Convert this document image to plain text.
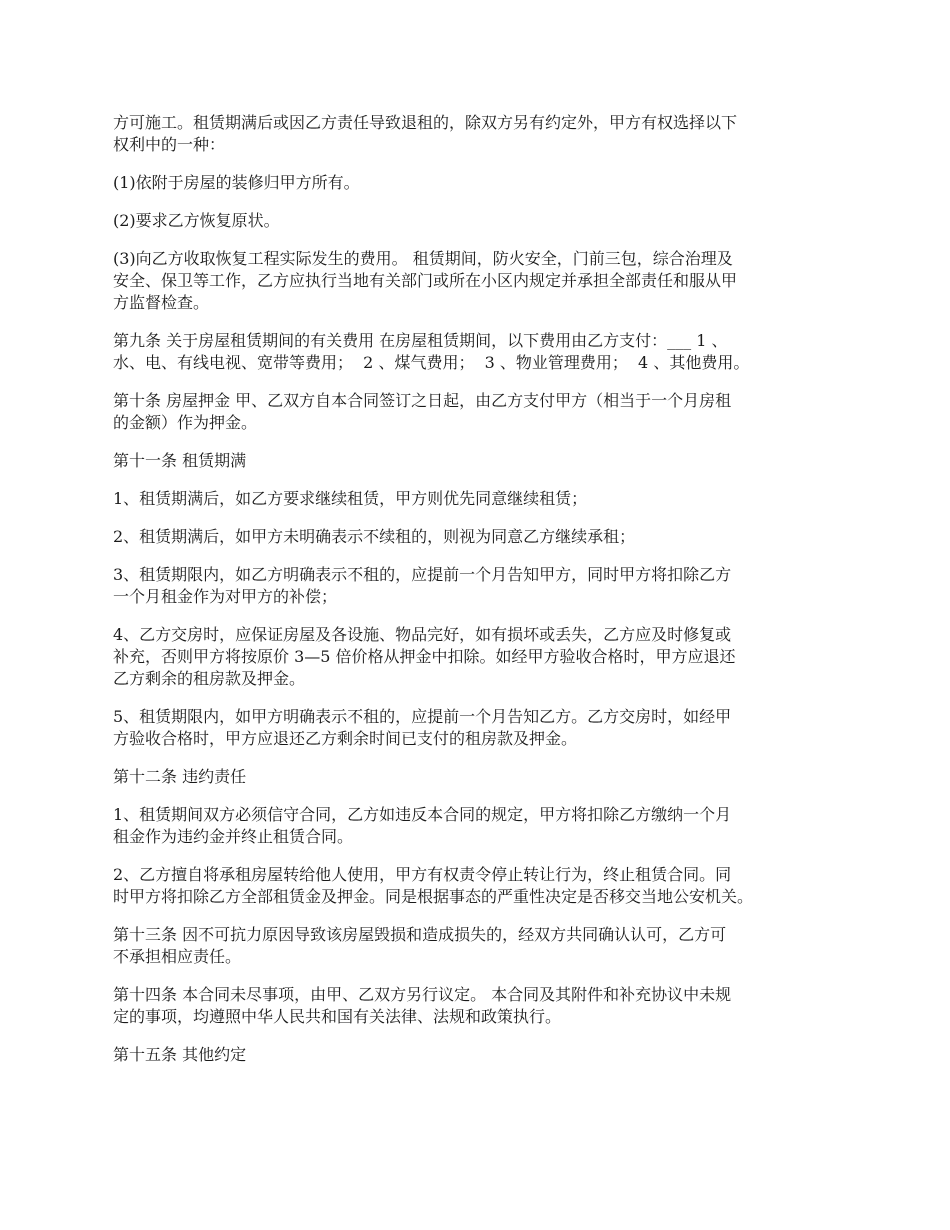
方可施工。租赁期满后或因乙方责任导致退租的，除双方另有约定外，甲方有权选择以下
权利中的一种：

(1)依附于房屋的装修归甲方所有。

(2)要求乙方恢复原状。

(3)向乙方收取恢复工程实际发生的费用。 租赁期间，防火安全，门前三包，综合治理及
安全、保卫等工作，乙方应执行当地有关部门或所在小区内规定并承担全部责任和服从甲
方监督检查。

第九条 关于房屋租赁期间的有关费用 在房屋租赁期间，以下费用由乙方支付：___ 1 、
水、电、有线电视、宽带等费用；  2 、煤气费用；  3 、物业管理费用；  4 、其他费用。

第十条 房屋押金 甲、乙双方自本合同签订之日起，由乙方支付甲方（相当于一个月房租
的金额）作为押金。

第十一条 租赁期满

1、租赁期满后，如乙方要求继续租赁，甲方则优先同意继续租赁；

2、租赁期满后，如甲方未明确表示不续租的，则视为同意乙方继续承租；

3、租赁期限内，如乙方明确表示不租的，应提前一个月告知甲方，同时甲方将扣除乙方
一个月租金作为对甲方的补偿；

4、乙方交房时，应保证房屋及各设施、物品完好，如有损坏或丢失，乙方应及时修复或
补充，否则甲方将按原价 3—5 倍价格从押金中扣除。如经甲方验收合格时，甲方应退还
乙方剩余的租房款及押金。

5、租赁期限内，如甲方明确表示不租的，应提前一个月告知乙方。乙方交房时，如经甲
方验收合格时，甲方应退还乙方剩余时间已支付的租房款及押金。

第十二条 违约责任

1、租赁期间双方必须信守合同，乙方如违反本合同的规定，甲方将扣除乙方缴纳一个月
租金作为违约金并终止租赁合同。

2、乙方擅自将承租房屋转给他人使用，甲方有权责令停止转让行为，终止租赁合同。同
时甲方将扣除乙方全部租赁金及押金。同是根据事态的严重性决定是否移交当地公安机关。

第十三条 因不可抗力原因导致该房屋毁损和造成损失的，经双方共同确认认可，乙方可
不承担相应责任。

第十四条 本合同未尽事项，由甲、乙双方另行议定。 本合同及其附件和补充协议中未规
定的事项，均遵照中华人民共和国有关法律、法规和政策执行。

第十五条 其他约定
